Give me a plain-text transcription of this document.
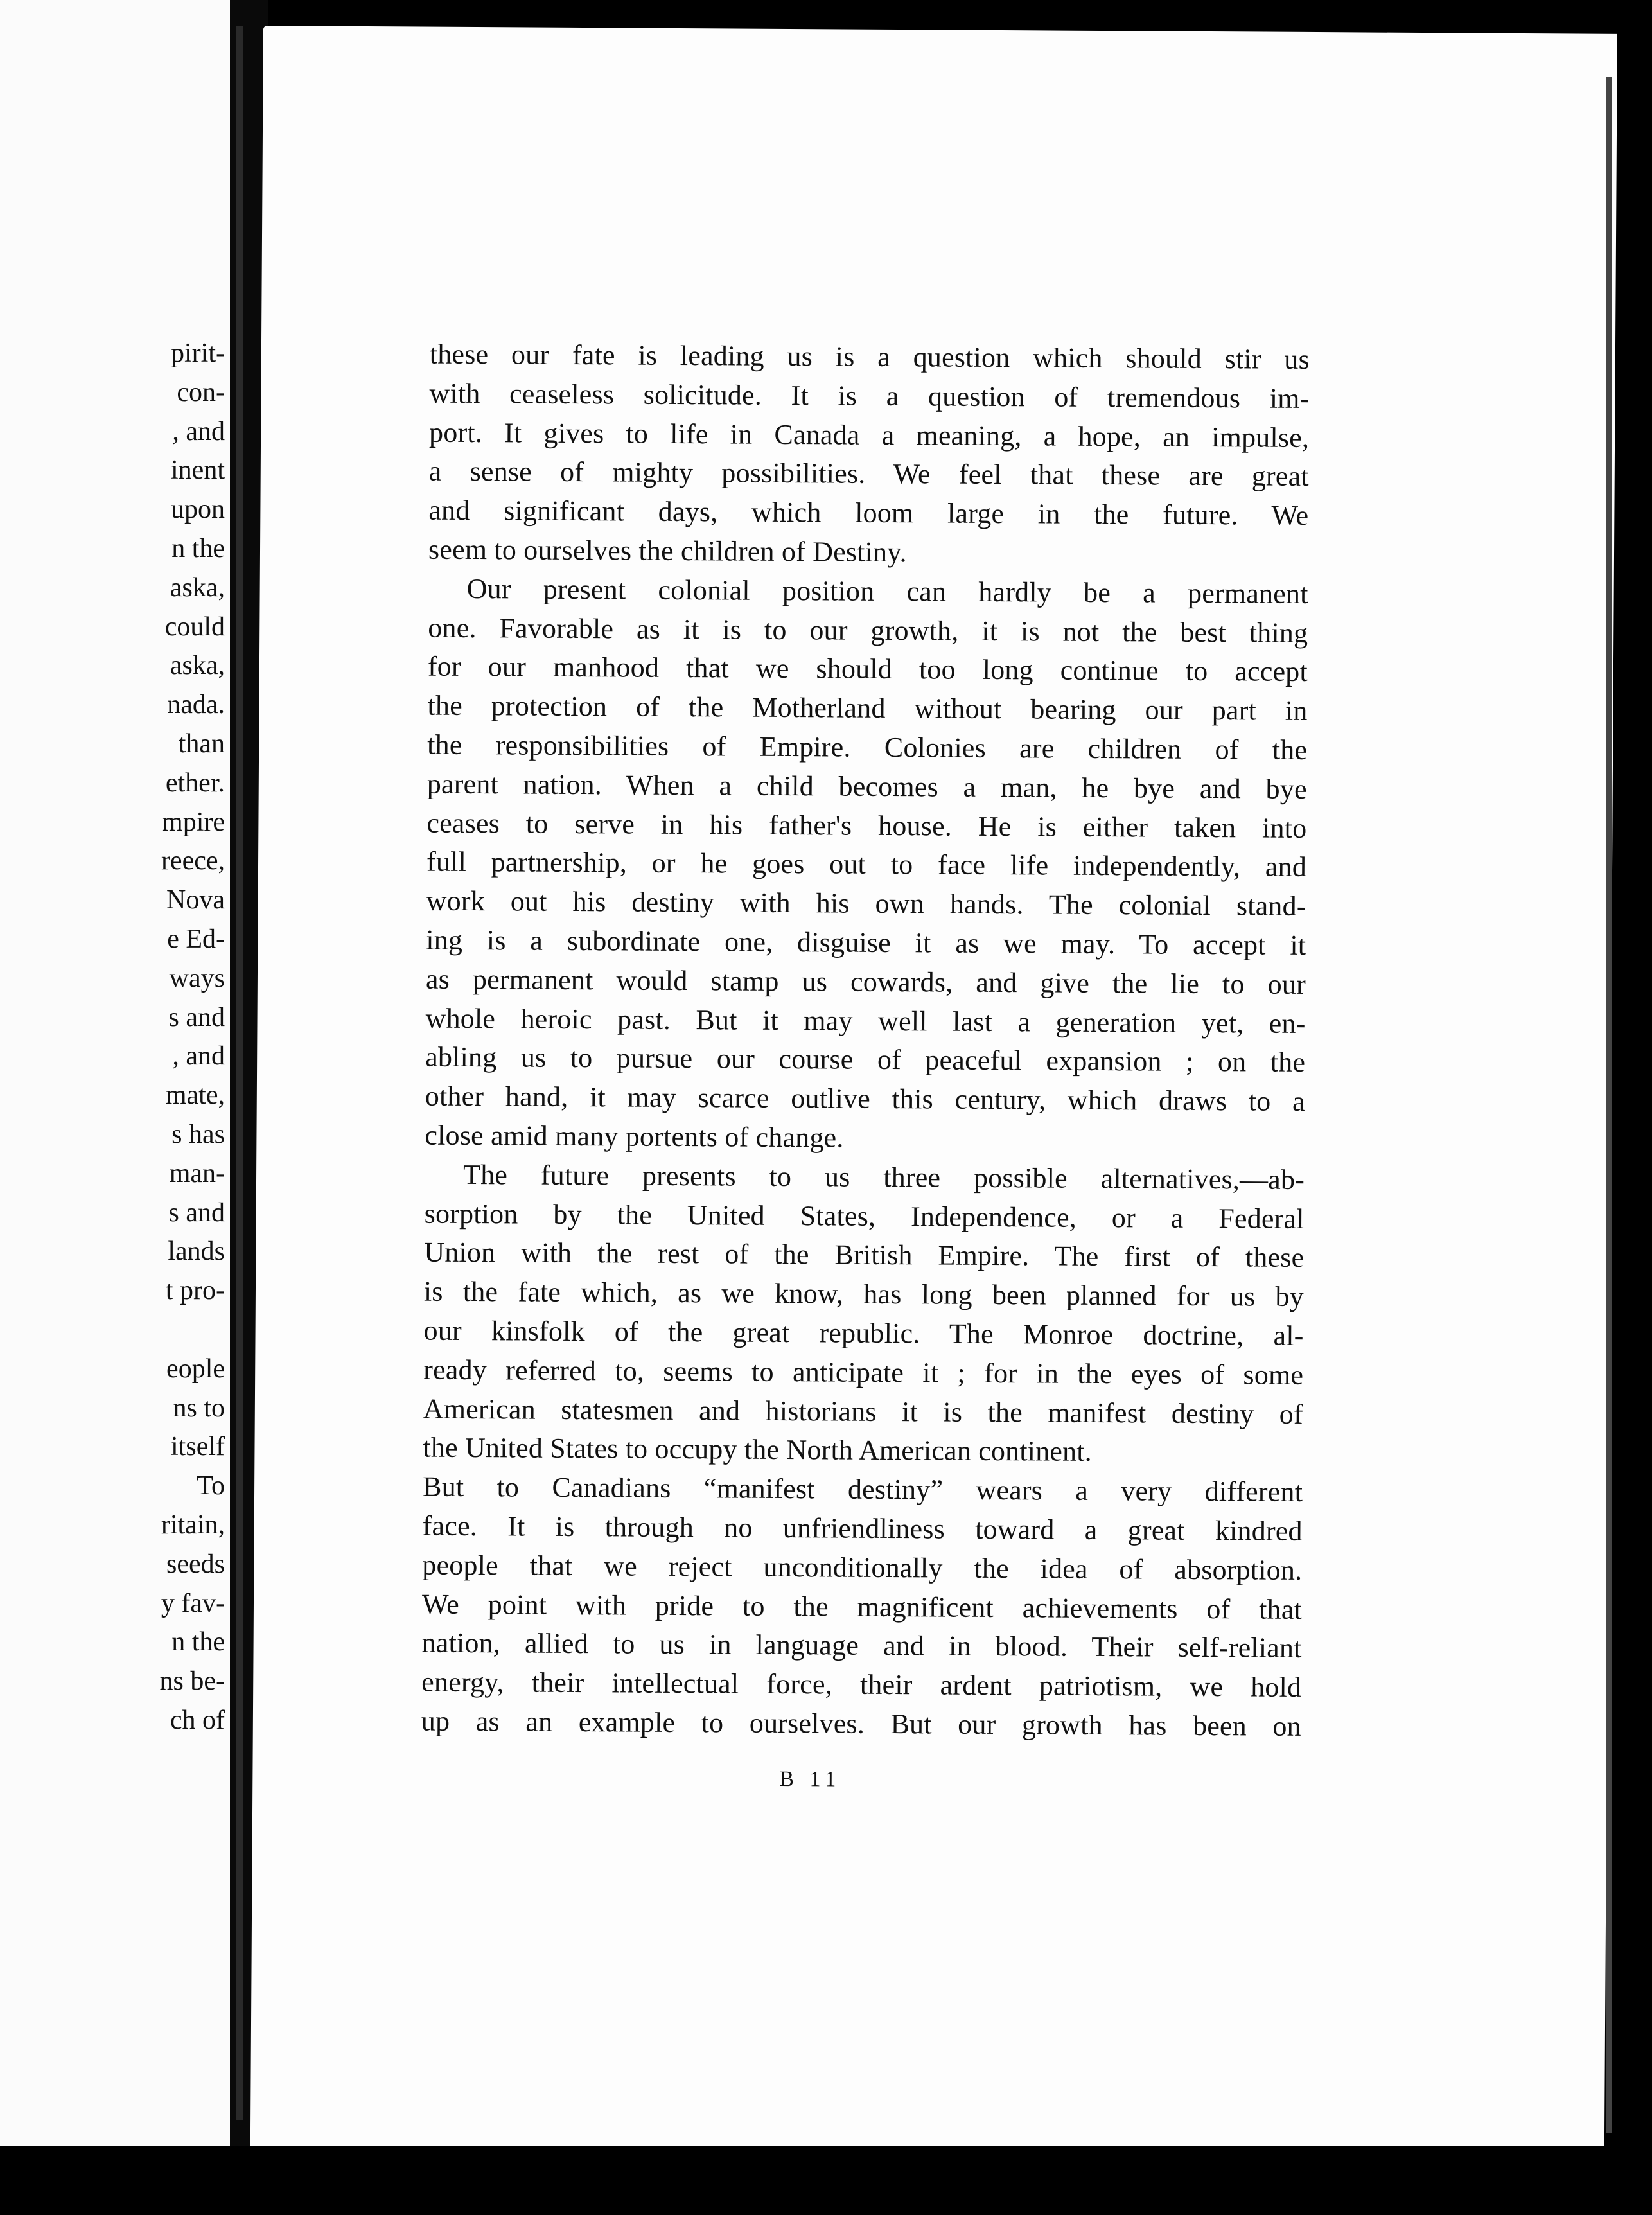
pirit-
con-
, and
inent
upon
n the
aska,
could
aska,
nada.
than
ether.
mpire
reece,
Nova
e Ed-
ways
s and
, and
mate,
s has
man-
s and
lands
t pro-
eople
ns to
itself
To
ritain,
seeds
y fav-
n the
ns be-
ch of
these our fate is leading us is a question which should stir us
with ceaseless solicitude. It is a question of tremendous im-
port. It gives to life in Canada a meaning, a hope, an impulse,
a sense of mighty possibilities. We feel that these are great
and significant days, which loom large in the future. We
seem to ourselves the children of Destiny.
Our present colonial position can hardly be a permanent
one. Favorable as it is to our growth, it is not the best thing
for our manhood that we should too long continue to accept
the protection of the Motherland without bearing our part in
the responsibilities of Empire. Colonies are children of the
parent nation. When a child becomes a man, he bye and bye
ceases to serve in his father's house. He is either taken into
full partnership, or he goes out to face life independently, and
work out his destiny with his own hands. The colonial stand-
ing is a subordinate one, disguise it as we may. To accept it
as permanent would stamp us cowards, and give the lie to our
whole heroic past. But it may well last a generation yet, en-
abling us to pursue our course of peaceful expansion ; on the
other hand, it may scarce outlive this century, which draws to a
close amid many portents of change.
The future presents to us three possible alternatives,—ab-
sorption by the United States, Independence, or a Federal
Union with the rest of the British Empire. The first of these
is the fate which, as we know, has long been planned for us by
our kinsfolk of the great republic. The Monroe doctrine, al-
ready referred to, seems to anticipate it ; for in the eyes of some
American statesmen and historians it is the manifest destiny of
the United States to occupy the North American continent.
But to Canadians “manifest destiny” wears a very different
face. It is through no unfriendliness toward a great kindred
people that we reject unconditionally the idea of absorption.
We point with pride to the magnificent achievements of that
nation, allied to us in language and in blood. Their self-reliant
energy, their intellectual force, their ardent patriotism, we hold
up as an example to ourselves. But our growth has been on
B 11
